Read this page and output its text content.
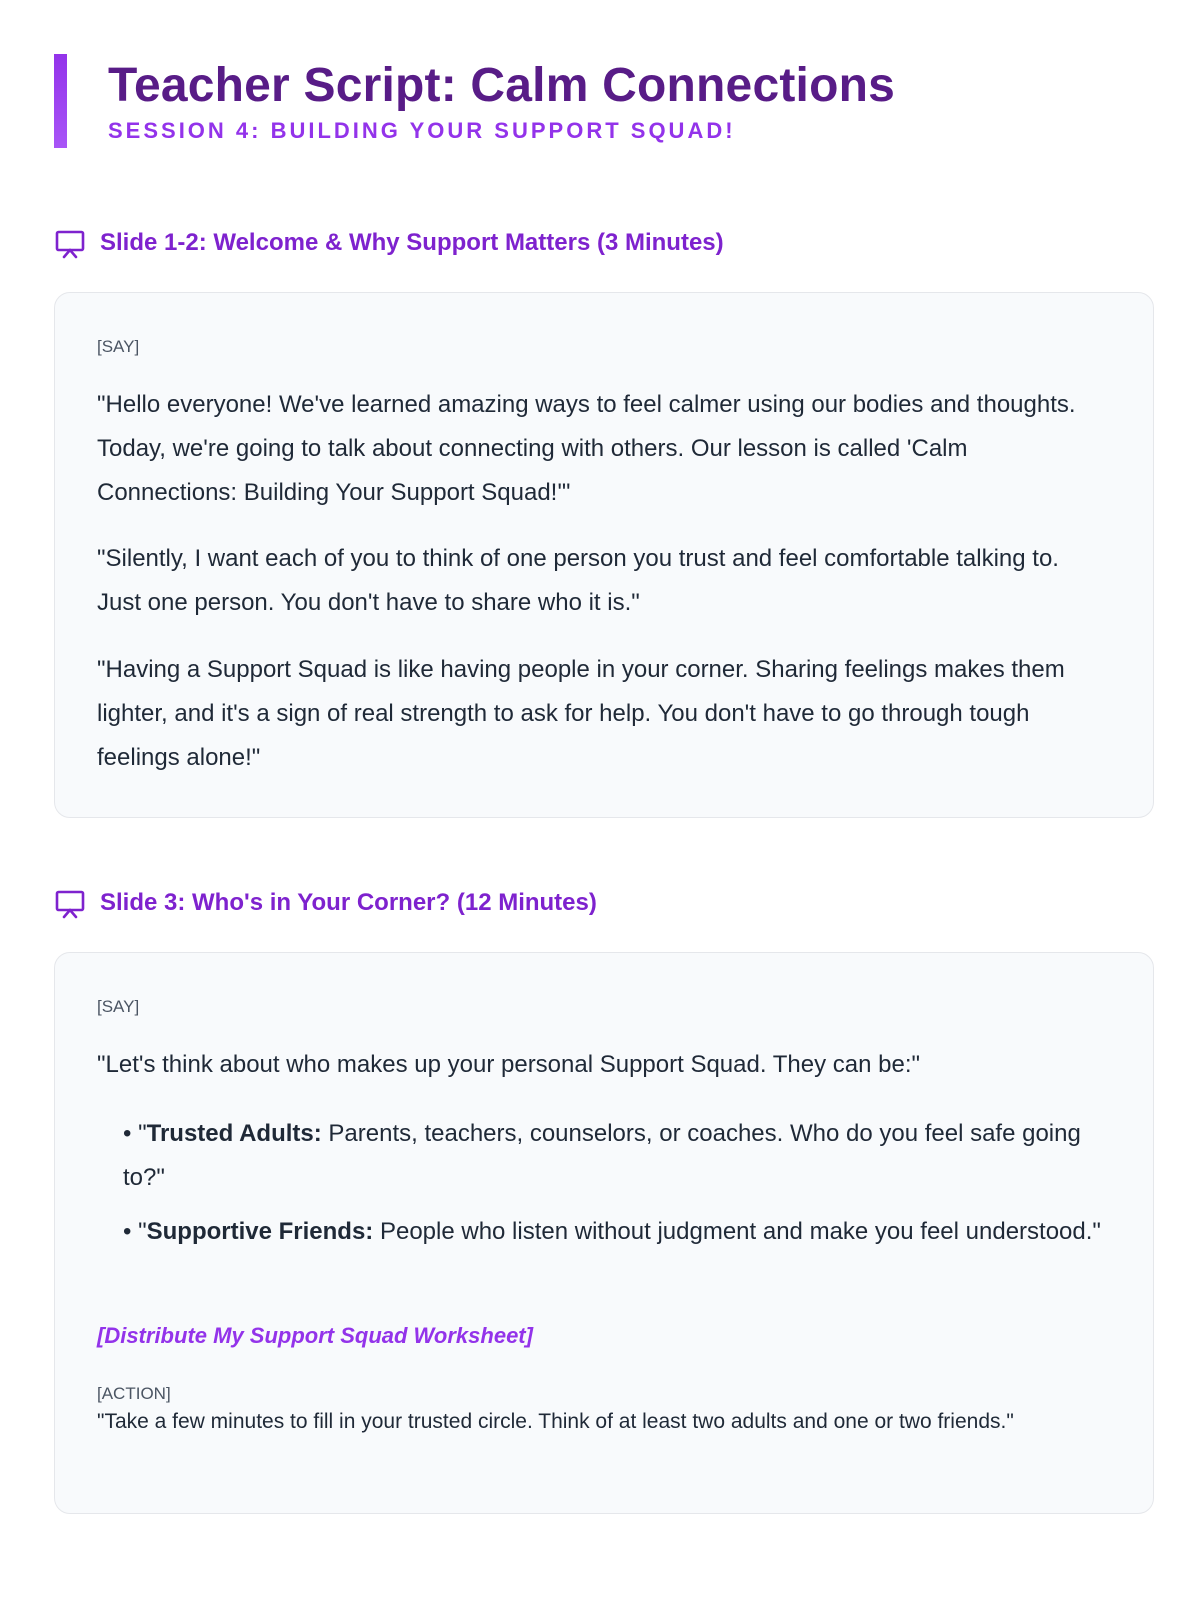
Teacher Script: Calm Connections
SESSION 4: BUILDING YOUR SUPPORT SQUAD!
Slide 1-2: Welcome & Why Support Matters (3 Minutes)
[SAY]
"Hello everyone! We've learned amazing ways to feel calmer using our bodies and thoughts. Today, we're going to talk about connecting with others. Our lesson is called 'Calm Connections: Building Your Support Squad!'"
"Silently, I want each of you to think of one person you trust and feel comfortable talking to. Just one person. You don't have to share who it is."
"Having a Support Squad is like having people in your corner. Sharing feelings makes them lighter, and it's a sign of real strength to ask for help. You don't have to go through tough feelings alone!"
Slide 3: Who's in Your Corner? (12 Minutes)
[SAY]
"Let's think about who makes up your personal Support Squad. They can be:"
• "Trusted Adults: Parents, teachers, counselors, or coaches. Who do you feel safe going to?"
• "Supportive Friends: People who listen without judgment and make you feel understood."
[Distribute My Support Squad Worksheet]
[ACTION]
"Take a few minutes to fill in your trusted circle. Think of at least two adults and one or two friends."
